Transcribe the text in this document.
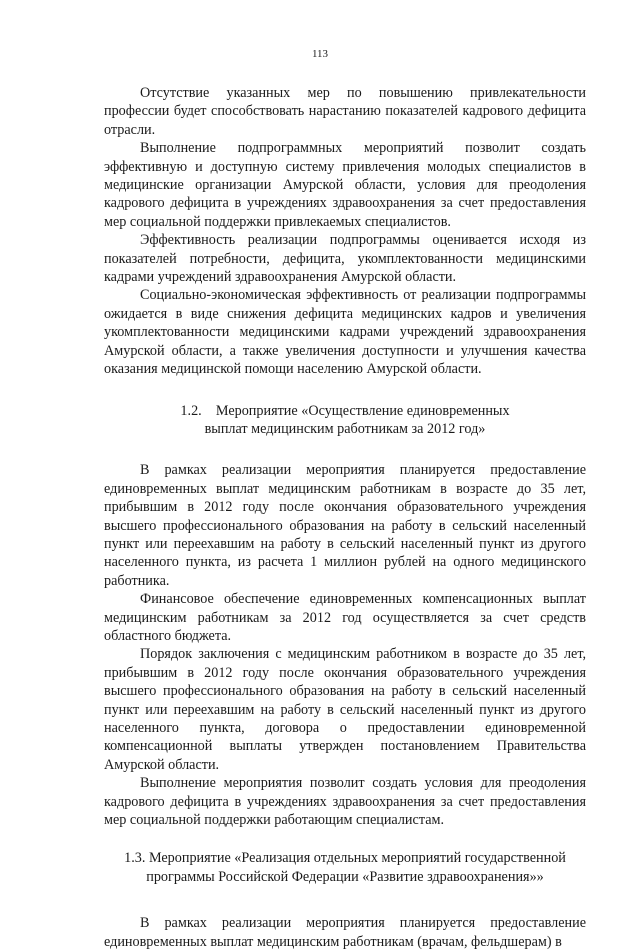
113

Отсутствие указанных мер по повышению привлекательности профессии будет способствовать нарастанию показателей кадрового дефицита отрасли.

Выполнение подпрограммных мероприятий позволит создать эффективную и доступную систему привлечения молодых специалистов в медицинские организации Амурской области, условия для преодоления кадрового дефицита в учреждениях здравоохранения за счет предоставления мер социальной поддержки привлекаемых специалистов.

Эффективность реализации подпрограммы оценивается исходя из показателей потребности, дефицита, укомплектованности медицинскими кадрами учреждений здравоохранения Амурской области.

Социально-экономическая эффективность от реализации подпрограммы ожидается в виде снижения дефицита медицинских кадров и увеличения укомплектованности медицинскими кадрами учреждений здравоохранения Амурской области, а также увеличения доступности и улучшения качества оказания медицинской помощи населению Амурской области.

1.2.    Мероприятие «Осуществление единовременных
выплат медицинским работникам за 2012 год»

В рамках реализации мероприятия планируется предоставление единовременных выплат медицинским работникам в возрасте до 35 лет, прибывшим в 2012 году после окончания образовательного учреждения высшего профессионального образования на работу в сельский населенный пункт или переехавшим на работу в сельский населенный пункт из другого населенного пункта, из расчета 1 миллион рублей на одного медицинского работника.

Финансовое обеспечение единовременных компенсационных выплат медицинским работникам за 2012 год осуществляется за счет средств областного бюджета.

Порядок заключения с медицинским работником в возрасте до 35 лет, прибывшим в 2012 году после окончания образовательного учреждения высшего профессионального образования на работу в сельский населенный пункт или переехавшим на работу в сельский населенный пункт из другого населенного пункта, договора о предоставлении единовременной компенсационной выплаты утвержден постановлением Правительства Амурской области.

Выполнение мероприятия позволит создать условия для преодоления кадрового дефицита в учреждениях здравоохранения за счет предоставления мер социальной поддержки работающим специалистам.

1.3. Мероприятие «Реализация отдельных мероприятий государственной
программы Российской Федерации «Развитие здравоохранения»»

В рамках реализации мероприятия планируется предоставление единовременных выплат медицинским работникам (врачам, фельдшерам) в
